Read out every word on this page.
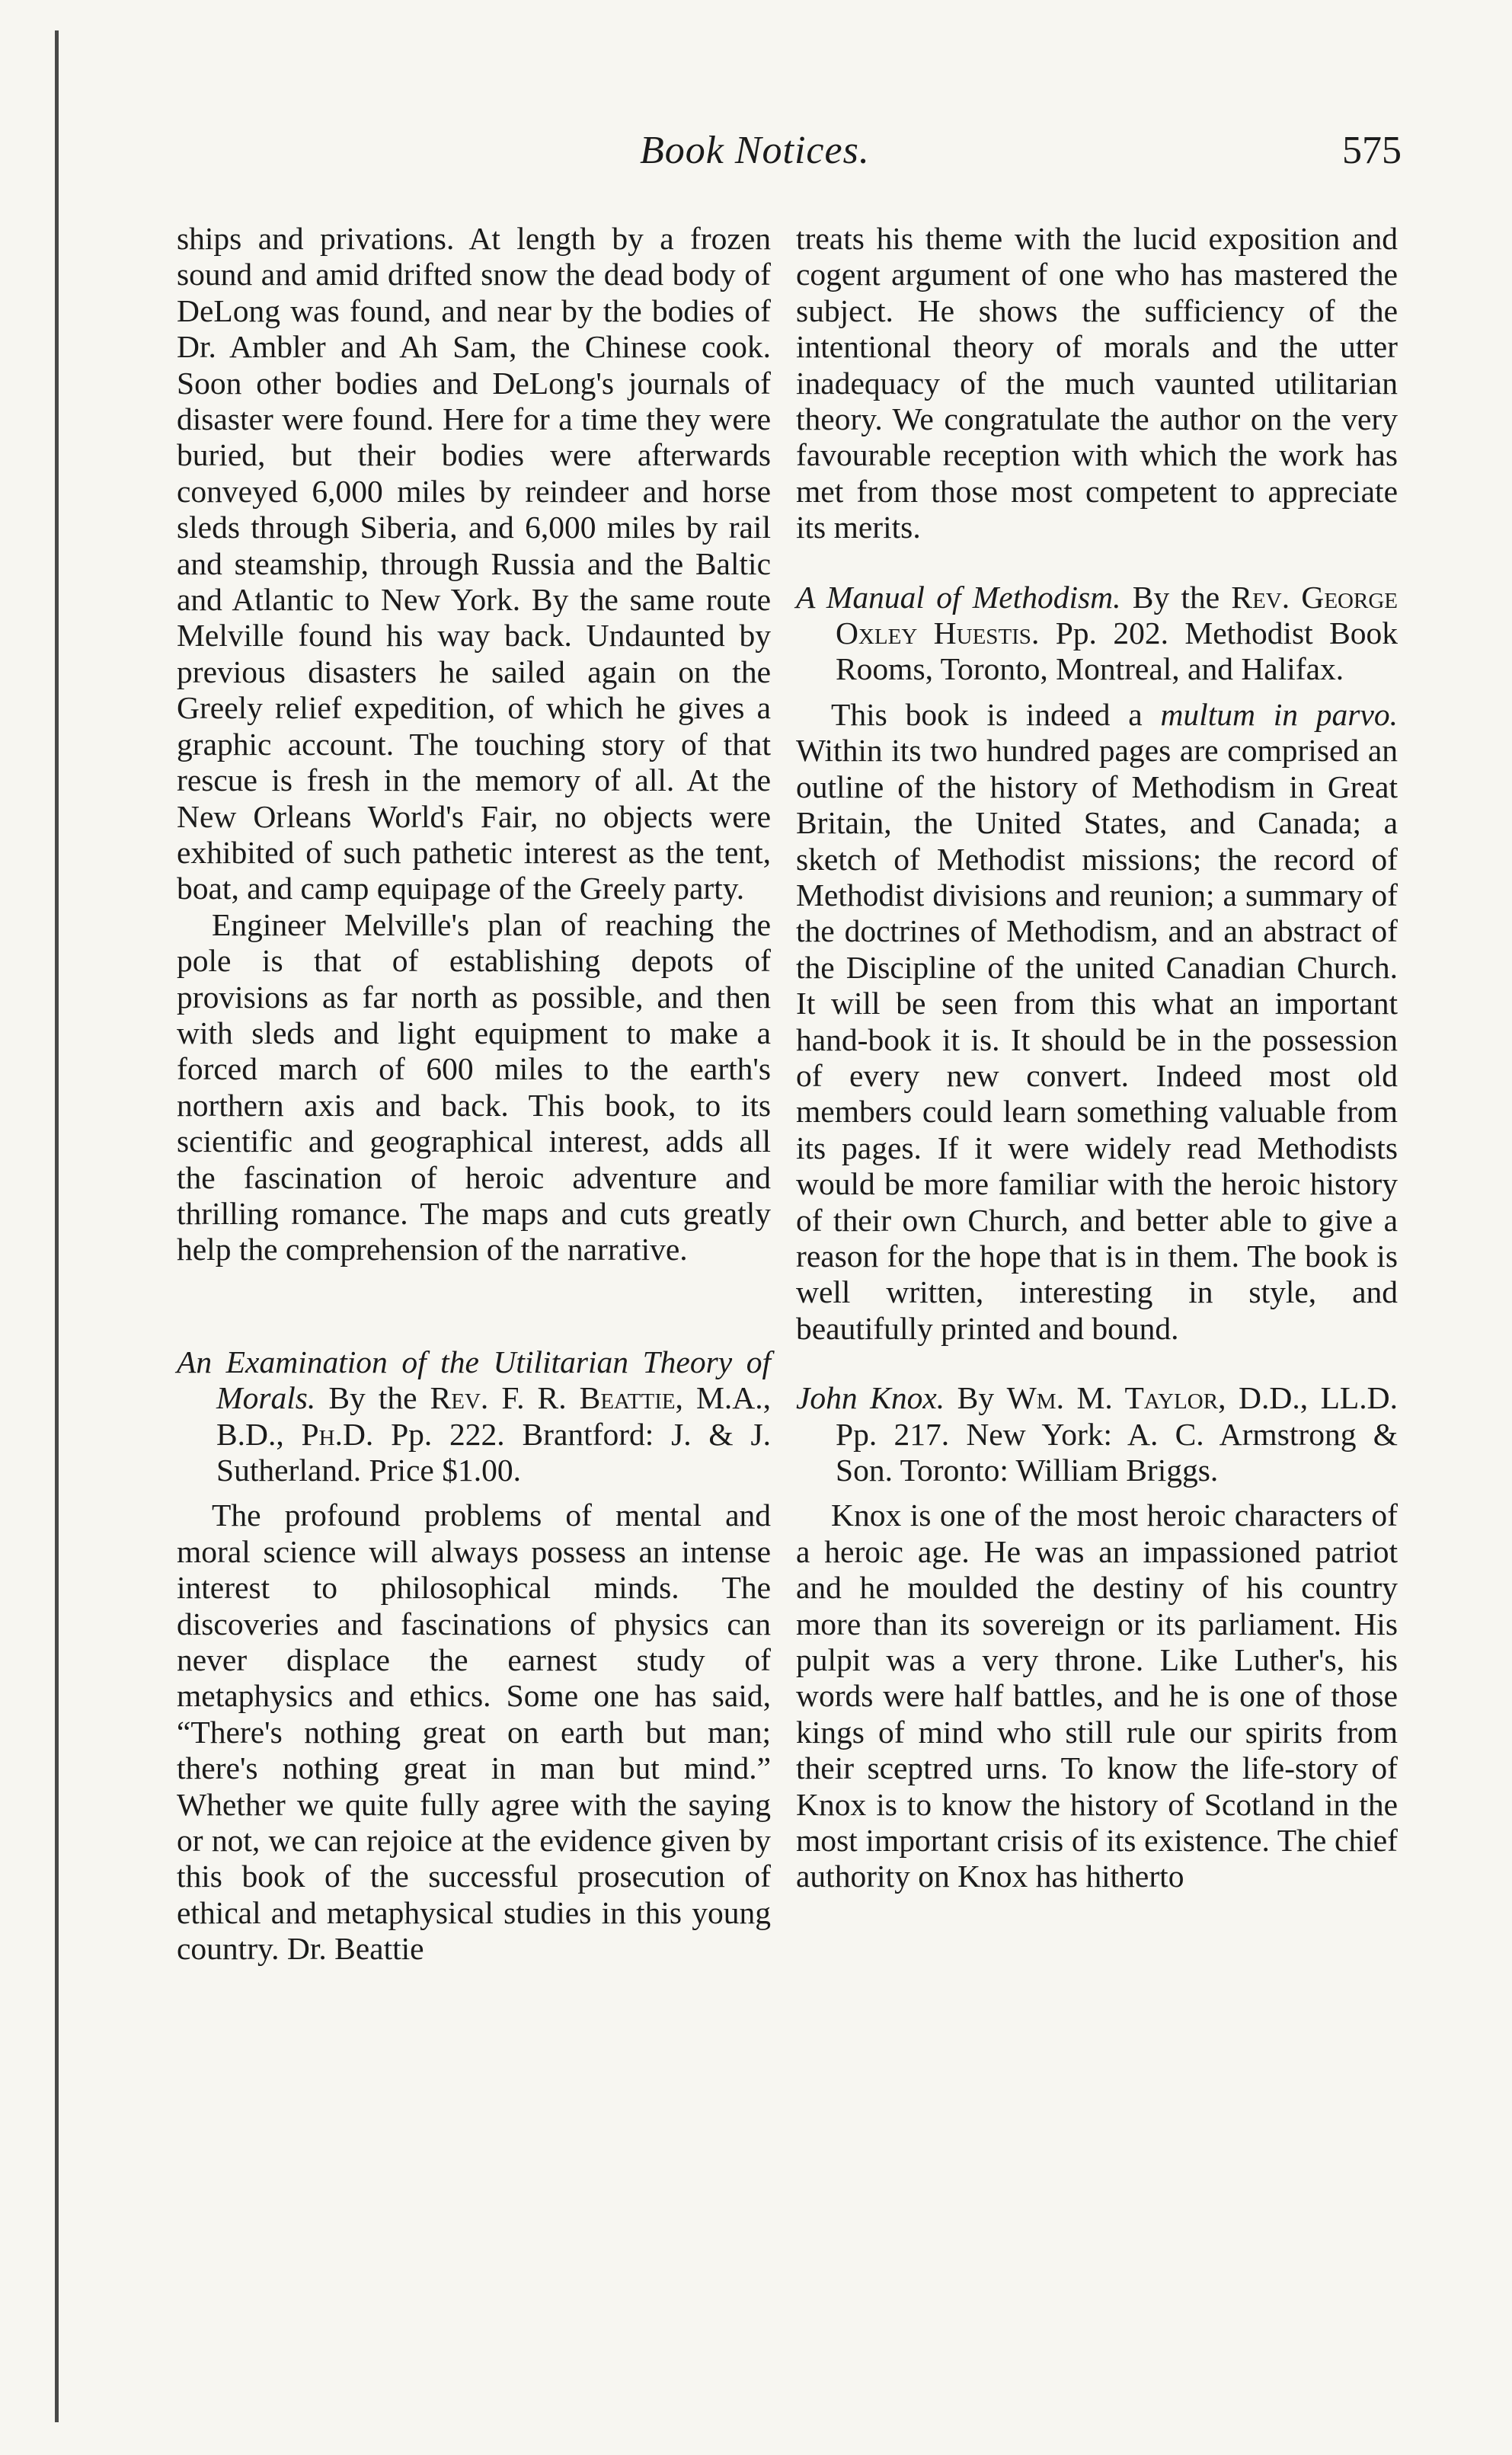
Book Notices.	575

ships and privations. At length by a frozen sound and amid drifted snow the dead body of DeLong was found, and near by the bodies of Dr. Ambler and Ah Sam, the Chinese cook. Soon other bodies and DeLong's journals of disaster were found. Here for a time they were buried, but their bodies were afterwards conveyed 6,000 miles by reindeer and horse sleds through Siberia, and 6,000 miles by rail and steamship, through Russia and the Baltic and Atlantic to New York. By the same route Melville found his way back. Undaunted by previous disasters he sailed again on the Greely relief expedition, of which he gives a graphic account. The touching story of that rescue is fresh in the memory of all. At the New Orleans World's Fair, no objects were exhibited of such pathetic interest as the tent, boat, and camp equipage of the Greely party.

Engineer Melville's plan of reaching the pole is that of establishing depots of provisions as far north as possible, and then with sleds and light equipment to make a forced march of 600 miles to the earth's northern axis and back. This book, to its scientific and geographical interest, adds all the fascination of heroic adventure and thrilling romance. The maps and cuts greatly help the comprehension of the narrative.

An Examination of the Utilitarian Theory of Morals. By the Rev. F. R. Beattie, M.A., B.D., Ph.D. Pp. 222. Brantford: J. & J. Sutherland. Price $1.00.

The profound problems of mental and moral science will always possess an intense interest to philosophical minds. The discoveries and fascinations of physics can never displace the earnest study of metaphysics and ethics. Some one has said, “There's nothing great on earth but man; there's nothing great in man but mind.” Whether we quite fully agree with the saying or not, we can rejoice at the evidence given by this book of the successful prosecution of ethical and metaphysical studies in this young country. Dr. Beattie

treats his theme with the lucid exposition and cogent argument of one who has mastered the subject. He shows the sufficiency of the intentional theory of morals and the utter inadequacy of the much vaunted utilitarian theory. We congratulate the author on the very favourable reception with which the work has met from those most competent to appreciate its merits.

A Manual of Methodism. By the Rev. George Oxley Huestis. Pp. 202. Methodist Book Rooms, Toronto, Montreal, and Halifax.

This book is indeed a multum in parvo. Within its two hundred pages are comprised an outline of the history of Methodism in Great Britain, the United States, and Canada; a sketch of Methodist missions; the record of Methodist divisions and reunion; a summary of the doctrines of Methodism, and an abstract of the Discipline of the united Canadian Church. It will be seen from this what an important hand-book it is. It should be in the possession of every new convert. Indeed most old members could learn something valuable from its pages. If it were widely read Methodists would be more familiar with the heroic history of their own Church, and better able to give a reason for the hope that is in them. The book is well written, interesting in style, and beautifully printed and bound.

John Knox. By Wm. M. Taylor, D.D., LL.D. Pp. 217. New York: A. C. Armstrong & Son. Toronto: William Briggs.

Knox is one of the most heroic characters of a heroic age. He was an impassioned patriot and he moulded the destiny of his country more than its sovereign or its parliament. His pulpit was a very throne. Like Luther's, his words were half battles, and he is one of those kings of mind who still rule our spirits from their sceptred urns. To know the life-story of Knox is to know the history of Scotland in the most important crisis of its existence. The chief authority on Knox has hitherto
